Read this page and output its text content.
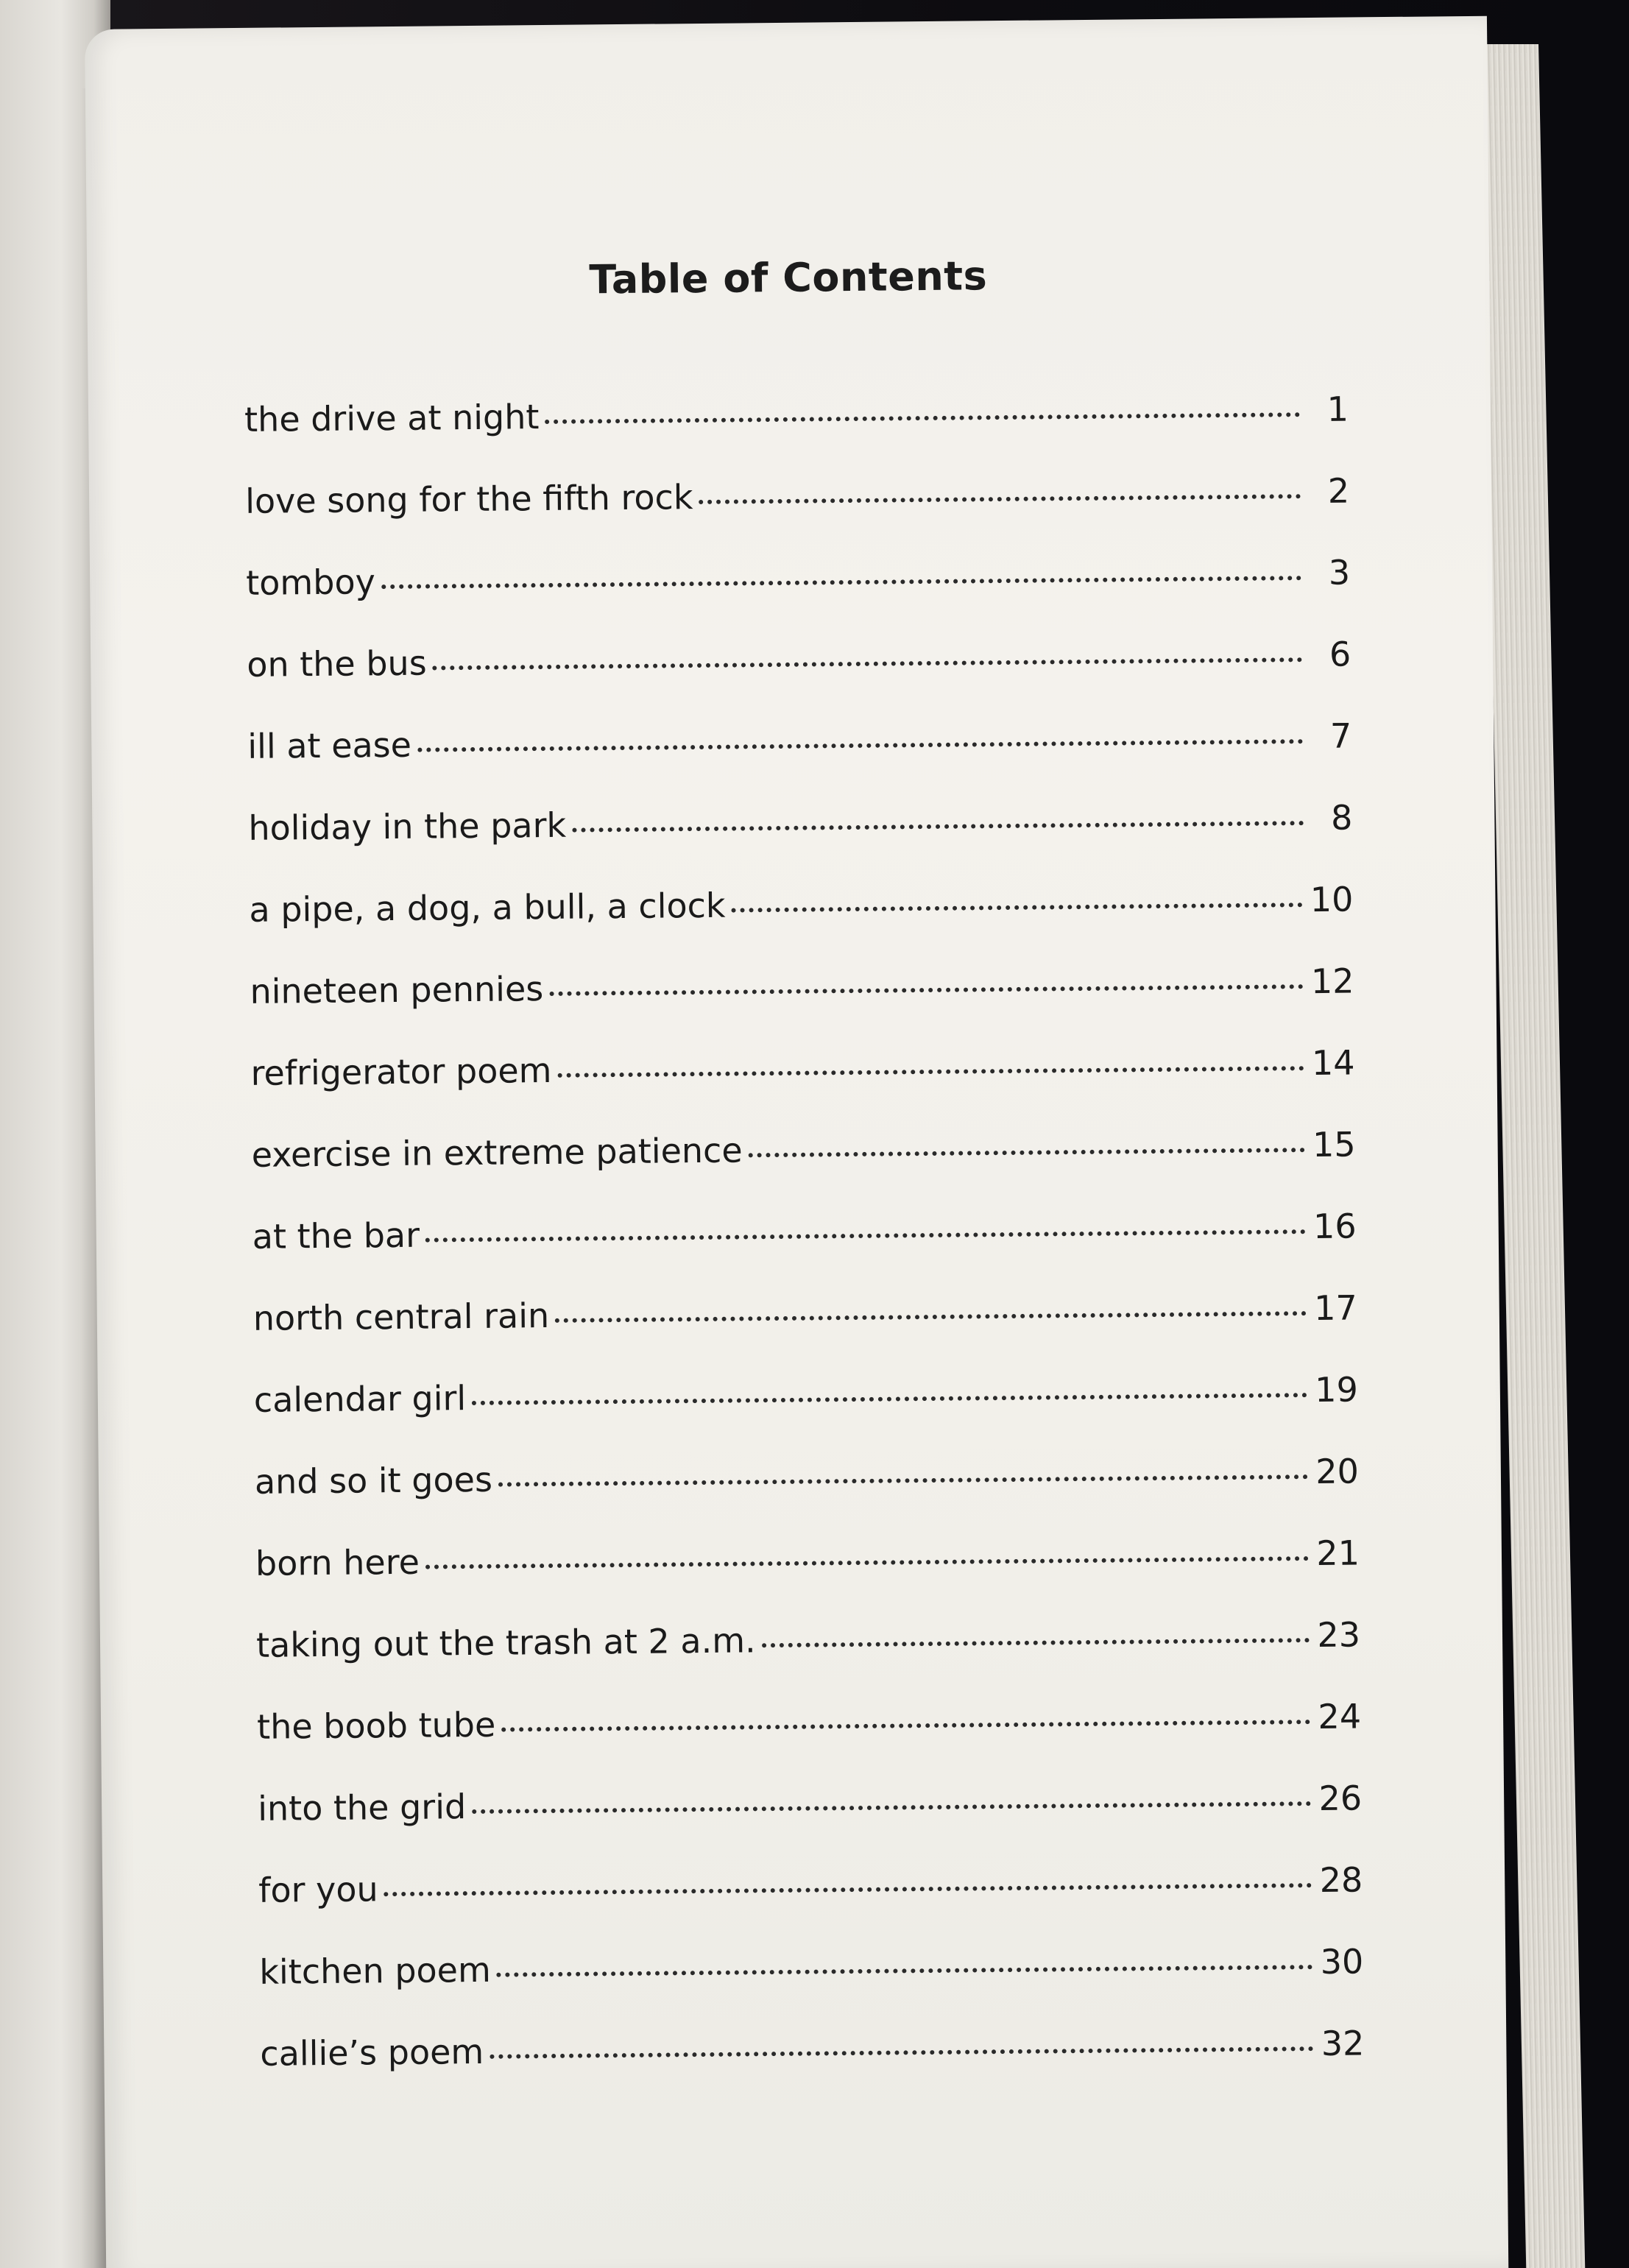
Table of Contents
the drive at night	1
love song for the fifth rock	2
tomboy	3
on the bus	6
ill at ease	7
holiday in the park	8
a pipe, a dog, a bull, a clock	10
nineteen pennies	12
refrigerator poem	14
exercise in extreme patience	15
at the bar	16
north central rain	17
calendar girl	19
and so it goes	20
born here	21
taking out the trash at 2 a.m.	23
the boob tube	24
into the grid	26
for you	28
kitchen poem	30
callie’s poem	32
